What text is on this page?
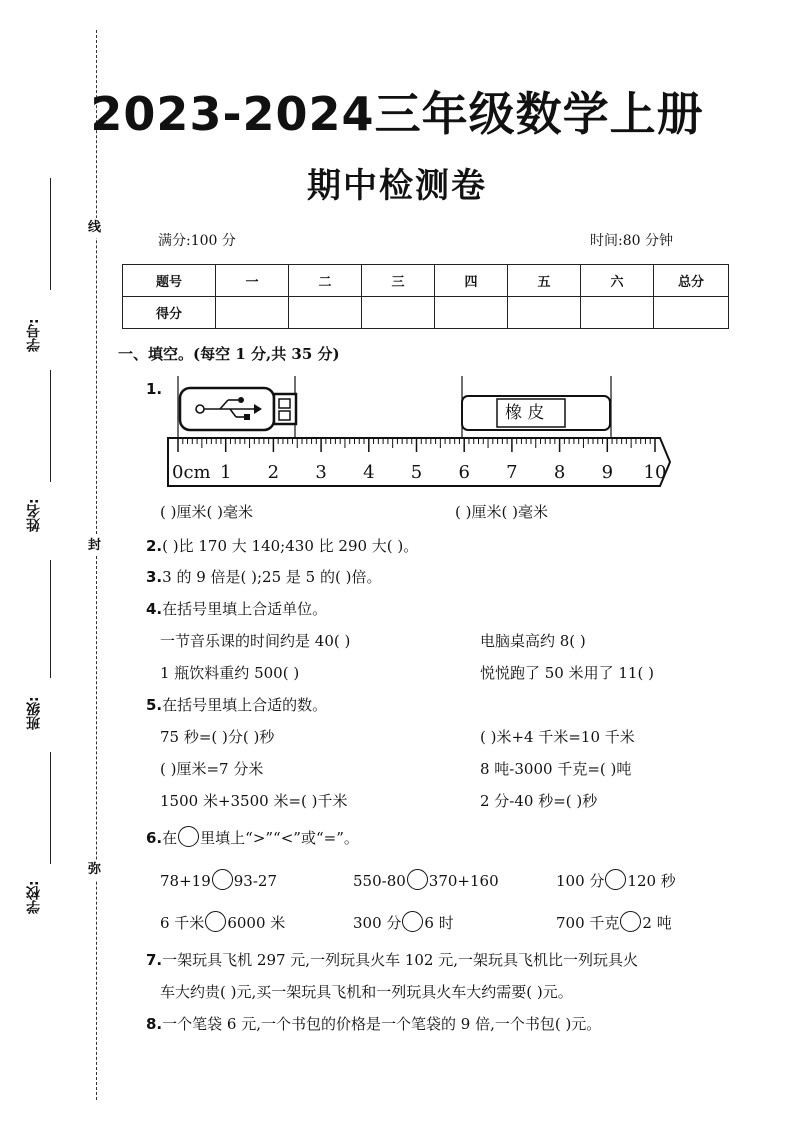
线
封
弥
学号:
姓名:
班级:
学校:
2023-2024三年级数学上册
期中检测卷
满分:100 分	时间:80 分钟
题号	一	二	三	四	五	六	总分
得分							
一、填空。(每空 1 分,共 35 分)
1.
0cm 1 2 3 4 5 6 7 8 9 10
橡 皮
( )厘米( )毫米	( )厘米( )毫米
2.( )比 170 大 140;430 比 290 大( )。
3.3 的 9 倍是( );25 是 5 的( )倍。
4.在括号里填上合适单位。
一节音乐课的时间约是 40( )	电脑桌高约 8( )
1 瓶饮料重约 500( )	悦悦跑了 50 米用了 11( )
5.在括号里填上合适的数。
75 秒=( )分( )秒	( )米+4 千米=10 千米
( )厘米=7 分米	8 吨-3000 千克=( )吨
1500 米+3500 米=( )千米	2 分-40 秒=( )秒
6.在 里填上“>”“<”或“=”。
78+19 93-27	550-80 370+160	100 分 120 秒
6 千米 6000 米	300 分 6 时	700 千克 2 吨
7.一架玩具飞机 297 元,一列玩具火车 102 元,一架玩具飞机比一列玩具火
车大约贵( )元,买一架玩具飞机和一列玩具火车大约需要( )元。
8.一个笔袋 6 元,一个书包的价格是一个笔袋的 9 倍,一个书包( )元。
